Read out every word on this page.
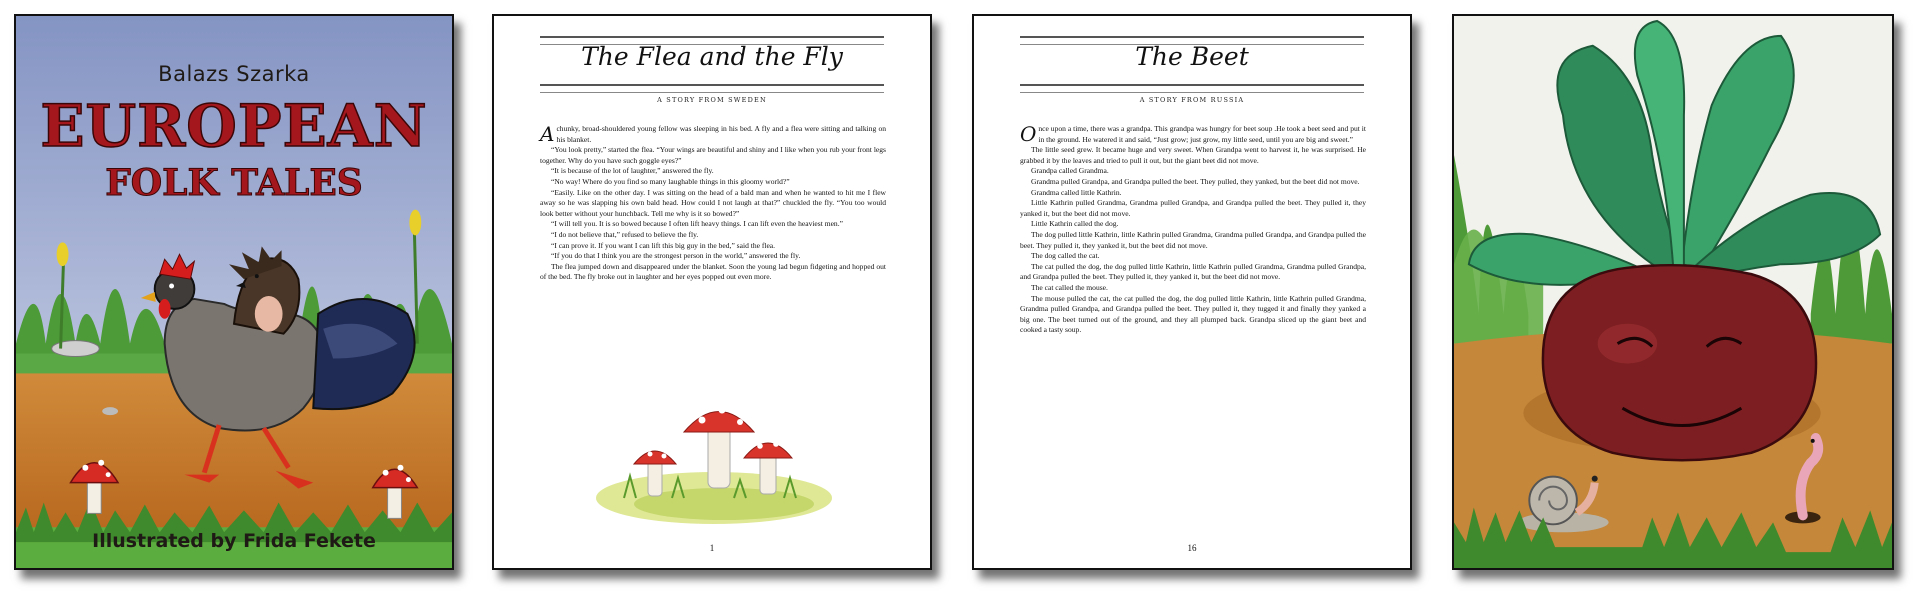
Balazs Szarka
EUROPEAN
FOLK TALES
Illustrated by Frida Fekete
The Flea and the Fly
A STORY FROM SWEDEN

Achunky, broad-shouldered young fellow was sleeping in his bed. A fly and a flea were sitting and talking on his blanket.

“You look pretty,” started the flea. “Your wings are beautiful and shiny and I like when you rub your front legs together. Why do you have such goggle eyes?”

“It is because of the lot of laughter,” answered the fly.

“No way! Where do you find so many laughable things in this gloomy world?”

“Easily. Like on the other day. I was sitting on the head of a bald man and when he wanted to hit me I flew away so he was slapping his own bald head. How could I not laugh at that?” chuckled the fly. “You too would look better without your hunchback. Tell me why is it so bowed?”

“I will tell you. It is so bowed because I often lift heavy things. I can lift even the heaviest men.”

“I do not believe that,” refused to believe the fly.

“I can prove it. If you want I can lift this big guy in the bed,” said the flea.

“If you do that I think you are the strongest person in the world,” answered the fly.

The flea jumped down and disappeared under the blanket. Soon the young lad begun fidgeting and hopped out of the bed. The fly broke out in laughter and her eyes popped out even more.

1
The Beet
A STORY FROM RUSSIA

Once upon a time, there was a grandpa. This grandpa was hungry for beet soup .He took a beet seed and put it in the ground. He watered it and said, “Just grow; just grow, my little seed, until you are big and sweet.”

The little seed grew. It became huge and very sweet. When Grandpa went to harvest it, he was surprised. He grabbed it by the leaves and tried to pull it out, but the giant beet did not move.

Grandpa called Grandma.

Grandma pulled Grandpa, and Grandpa pulled the beet. They pulled, they yanked, but the beet did not move.

Grandma called little Kathrin.

Little Kathrin pulled Grandma, Grandma pulled Grandpa, and Grandpa pulled the beet. They pulled it, they yanked it, but the beet did not move.

Little Kathrin called the dog.

The dog pulled little Kathrin, little Kathrin pulled Grandma, Grandma pulled Grandpa, and Grandpa pulled the beet. They pulled it, they yanked it, but the beet did not move.

The dog called the cat.

The cat pulled the dog, the dog pulled little Kathrin, little Kathrin pulled Grandma, Grandma pulled Grandpa, and Grandpa pulled the beet. They pulled it, they yanked it, but the beet did not move.

The cat called the mouse.

The mouse pulled the cat, the cat pulled the dog, the dog pulled little Kathrin, little Kathrin pulled Grandma, Grandma pulled Grandpa, and Grandpa pulled the beet. They pulled it, they tugged it and finally they yanked a big one. The beet turned out of the ground, and they all plumped back. Grandpa sliced up the giant beet and cooked a tasty soup.

16
